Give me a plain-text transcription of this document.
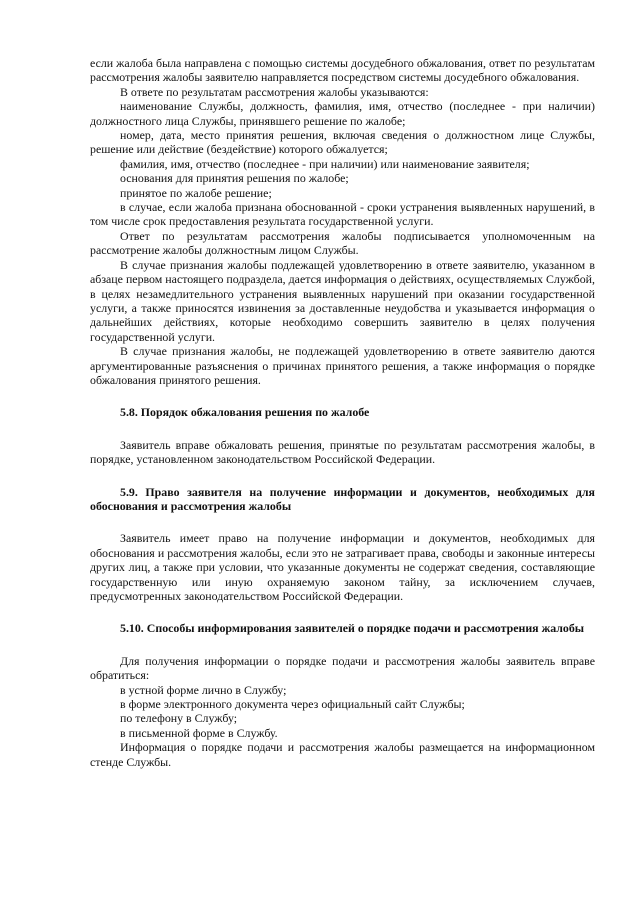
если жалоба была направлена с помощью системы досудебного обжалования, ответ по результатам рассмотрения жалобы заявителю направляется посредством системы досудебного обжалования.

В ответе по результатам рассмотрения жалобы указываются:

наименование Службы, должность, фамилия, имя, отчество (последнее - при наличии) должностного лица Службы, принявшего решение по жалобе;
номер, дата, место принятия решения, включая сведения о должностном лице Службы, решение или действие (бездействие) которого обжалуется;
фамилия, имя, отчество (последнее - при наличии) или наименование заявителя;
основания для принятия решения по жалобе;
принятое по жалобе решение;
в случае, если жалоба признана обоснованной - сроки устранения выявленных нарушений, в том числе срок предоставления результата государственной услуги.

Ответ по результатам рассмотрения жалобы подписывается уполномоченным на рассмотрение жалобы должностным лицом Службы.

В случае признания жалобы подлежащей удовлетворению в ответе заявителю, указанном в абзаце первом настоящего подраздела, дается информация о действиях, осуществляемых Службой, в целях незамедлительного устранения выявленных нарушений при оказании государственной услуги, а также приносятся извинения за доставленные неудобства и указывается информация о дальнейших действиях, которые необходимо совершить заявителю в целях получения государственной услуги.

В случае признания жалобы, не подлежащей удовлетворению в ответе заявителю даются аргументированные разъяснения о причинах принятого решения, а также информация о порядке обжалования принятого решения.

5.8. Порядок обжалования решения по жалобе

Заявитель вправе обжаловать решения, принятые по результатам рассмотрения жалобы, в порядке, установленном законодательством Российской Федерации.

5.9. Право заявителя на получение информации и документов, необходимых для обоснования и рассмотрения жалобы

Заявитель имеет право на получение информации и документов, необходимых для обоснования и рассмотрения жалобы, если это не затрагивает права, свободы и законные интересы других лиц, а также при условии, что указанные документы не содержат сведения, составляющие государственную или иную охраняемую законом тайну, за исключением случаев, предусмотренных законодательством Российской Федерации.

5.10. Способы информирования заявителей о порядке подачи и рассмотрения жалобы

Для получения информации о порядке подачи и рассмотрения жалобы заявитель вправе обратиться:

в устной форме лично в Службу;
в форме электронного документа через официальный сайт Службы;
по телефону в Службу;
в письменной форме в Службу.

Информация о порядке подачи и рассмотрения жалобы размещается на информационном стенде Службы.
